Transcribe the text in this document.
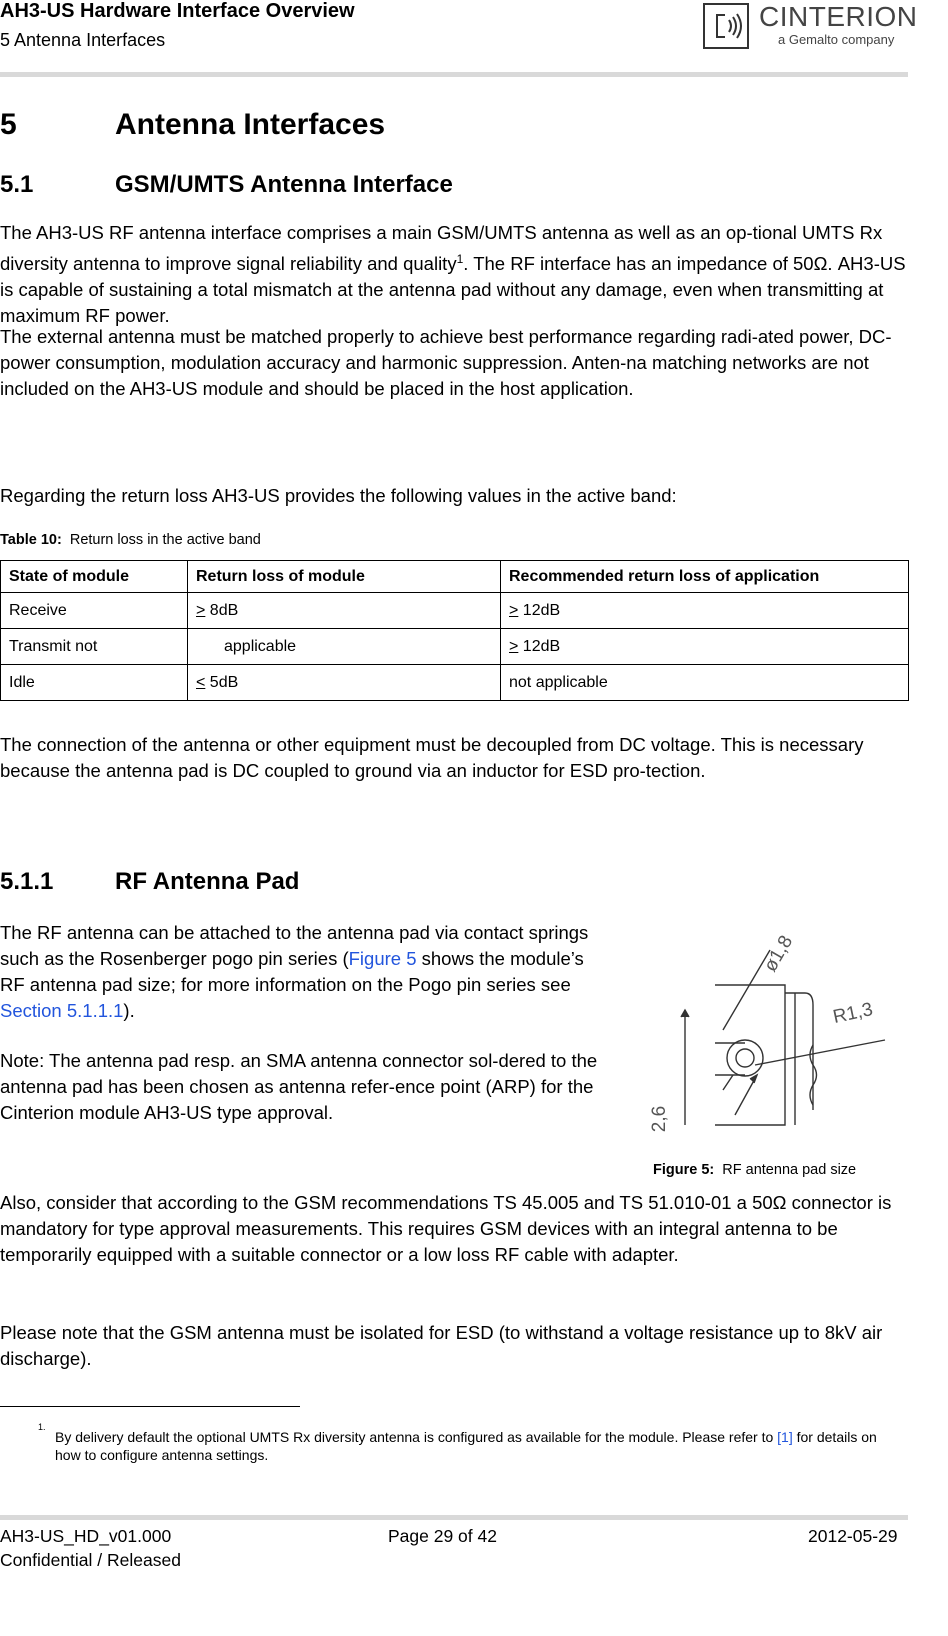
AH3-US Hardware Interface Overview
5 Antenna Interfaces
CINTERION
a Gemalto company
5	Antenna Interfaces
5.1	GSM/UMTS Antenna Interface

The AH3-US RF antenna interface comprises a main GSM/UMTS antenna as well as an op-tional UMTS Rx diversity antenna to improve signal reliability and quality$^1$. The RF interface has an impedance of 50Ω. AH3-US is capable of sustaining a total mismatch at the antenna pad without any damage, even when transmitting at maximum RF power.

The external antenna must be matched properly to achieve best performance regarding radi-ated power, DC-power consumption, modulation accuracy and harmonic suppression. Anten-na matching networks are not included on the AH3-US module and should be placed in the host application.

Regarding the return loss AH3-US provides the following values in the active band:

Table 10: Return loss in the active band
State of module	Return loss of module	Recommended return loss of application
Receive	> 8dB	> 12dB
Transmit not	applicable	> 12dB
Idle	< 5dB	not applicable

The connection of the antenna or other equipment must be decoupled from DC voltage. This is necessary because the antenna pad is DC coupled to ground via an inductor for ESD pro-tection.

5.1.1	RF Antenna Pad

The RF antenna can be attached to the antenna pad via contact springs such as the Rosenberger pogo pin series (Figure 5 shows the module’s RF antenna pad size; for more information on the Pogo pin series see Section 5.1.1.1).

Note: The antenna pad resp. an SMA antenna connector sol-dered to the antenna pad has been chosen as antenna refer-ence point (ARP) for the Cinterion module AH3-US type approval.

ø1,8
R1,3
2,6
Figure 5: RF antenna pad size

Also, consider that according to the GSM recommendations TS 45.005 and TS 51.010-01 a 50Ω connector is mandatory for type approval measurements. This requires GSM devices with an integral antenna to be temporarily equipped with a suitable connector or a low loss RF cable with adapter.

Please note that the GSM antenna must be isolated for ESD (to withstand a voltage resistance up to 8kV air discharge).

1.
By delivery default the optional UMTS Rx diversity antenna is configured as available for the module. Please refer to [1] for details on how to configure antenna settings.
AH3-US_HD_v01.000	Page 29 of 42	2012-05-29
Confidential / Released
